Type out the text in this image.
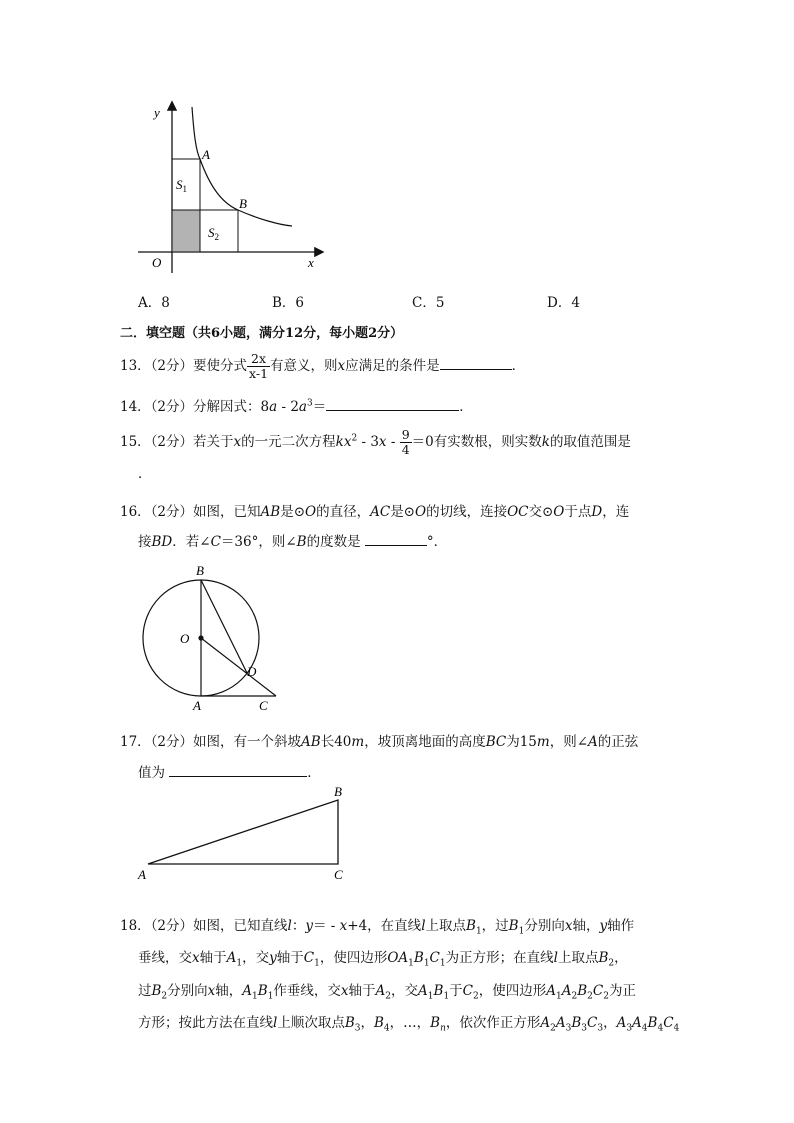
y
x
O
A
B
$S_1$
$S_2$
A．8	B．6	C．5	D．4
二．填空题（共6小题，满分12分，每小题2分）
13．（2分）要使分式 $\frac{2x}{x-1}$ 有意义，则x应满足的条件是	．
14．（2分）分解因式：$8a - 2a^3=$	．
15．（2分）若关于x的一元二次方程$kx^2 - 3x - \frac{9}{4} =0$有实数根，则实数k的取值范围是
．
16．（2分）如图，已知AB是⊙O的直径，AC是⊙O的切线，连接OC交⊙O于点D，连
接BD．若∠C＝36°，则∠B的度数是	°．
B
O
D
A	C
17．（2分）如图，有一个斜坡AB长40m，坡顶离地面的高度BC为15m，则∠A的正弦
值为	．
A
B
C
18．（2分）如图，已知直线l：y＝ - x+4，在直线l上取点$B_1$，过$B_1$分别向x轴，y轴作
垂线，交x轴于$A_1$，交y轴于$C_1$，使四边形$OA_1B_1C_1$为正方形；在直线l上取点$B_2$，
过$B_2$分别向x轴，$A_1B_1$作垂线，交x轴于$A_2$，交$A_1B_1$于$C_2$，使四边形$A_1A_2B_2C_2$为正
方形；按此方法在直线l上顺次取点$B_3$，$B_4$，…，$B_n$，依次作正方形$A_2A_3B_3C_3$，$A_3A_4B_4C_4$
